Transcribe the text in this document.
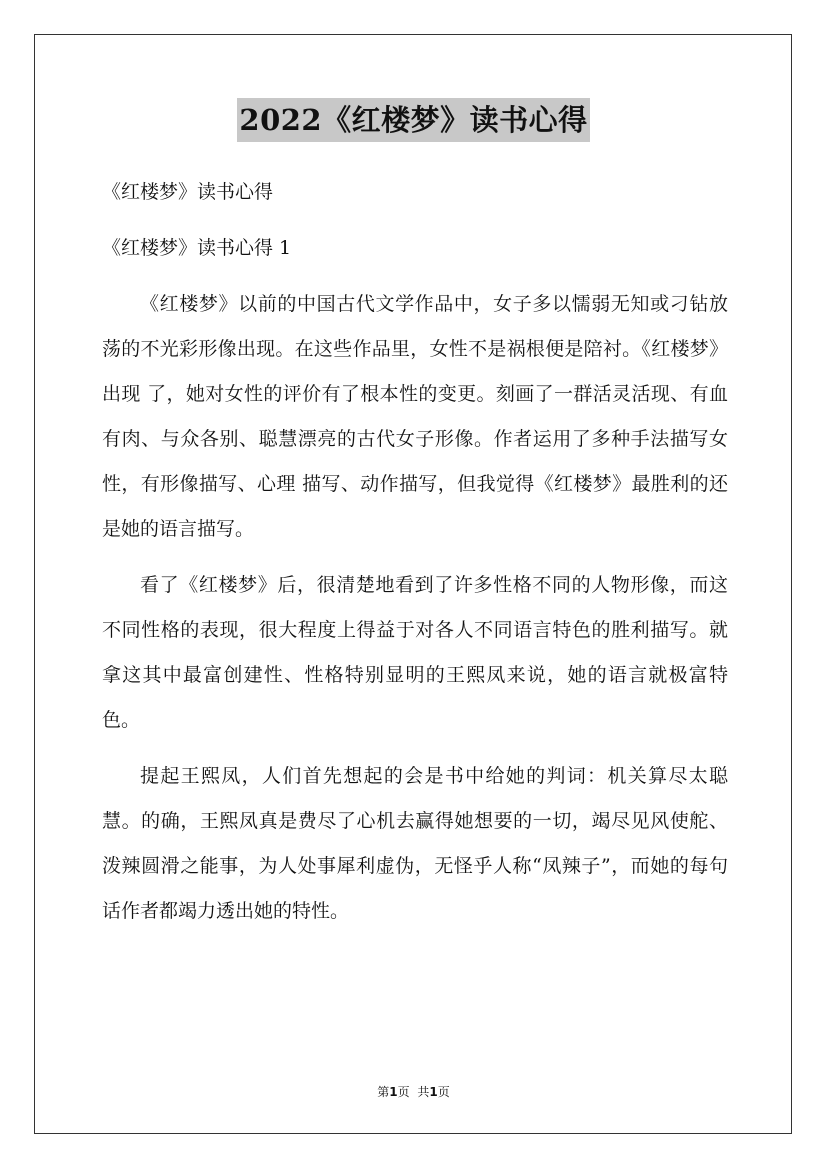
2022《红楼梦》读书心得

《红楼梦》读书心得

《红楼梦》读书心得 1

《红楼梦》以前的中国古代文学作品中，女子多以懦弱无知或刁钻放荡的不光彩形像出现。在这些作品里，女性不是祸根便是陪衬。《红楼梦》出现 了，她对女性的评价有了根本性的变更。刻画了一群活灵活现、有血有肉、与众各别、聪慧漂亮的古代女子形像。作者运用了多种手法描写女性，有形像描写、心理 描写、动作描写，但我觉得《红楼梦》最胜利的还是她的语言描写。

看了《红楼梦》后，很清楚地看到了许多性格不同的人物形像，而这不同性格的表现，很大程度上得益于对各人不同语言特色的胜利描写。就拿这其中最富创建性、性格特别显明的王熙凤来说，她的语言就极富特色。

提起王熙凤，人们首先想起的会是书中给她的判词：机关算尽太聪慧。的确，王熙凤真是费尽了心机去赢得她想要的一切，竭尽见风使舵、泼辣圆滑之能事，为人处事犀利虚伪，无怪乎人称“凤辣子”，而她的每句话作者都竭力透出她的特性。

第1页 共1页
